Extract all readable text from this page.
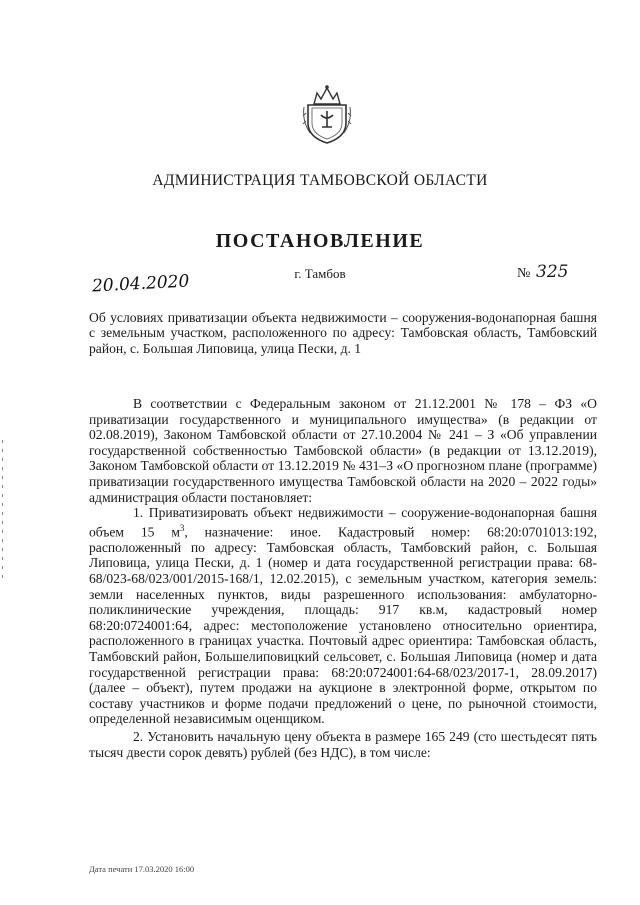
АДМИНИСТРАЦИЯ ТАМБОВСКОЙ ОБЛАСТИ
ПОСТАНОВЛЕНИЕ
20.04.2020	г. Тамбов	№ 325
Об условиях приватизации объекта недвижимости – сооружения-водонапорная башня с земельным участком, расположенного по адресу: Тамбовская область, Тамбовский район, с. Большая Липовица, улица Пески, д. 1

В соответствии с Федеральным законом от 21.12.2001 № 178 – ФЗ «О приватизации государственного и муниципального имущества» (в редакции от 02.08.2019), Законом Тамбовской области от 27.10.2004 № 241 – З «Об управлении государственной собственностью Тамбовской области» (в редакции от 13.12.2019), Законом Тамбовской области от 13.12.2019 № 431–З «О прогнозном плане (программе) приватизации государственного имущества Тамбовской области на 2020 – 2022 годы» администрация области постановляет:

1. Приватизировать объект недвижимости – сооружение-водонапорная башня объем 15 $м^3$, назначение: иное. Кадастровый номер: 68:20:0701013:192, расположенный по адресу: Тамбовская область, Тамбовский район, с. Большая Липовица, улица Пески, д. 1 (номер и дата государственной регистрации права: 68-68/023-68/023/001/2015-168/1, 12.02.2015), с земельным участком, категория земель: земли населенных пунктов, виды разрешенного использования: амбулаторно-поликлинические учреждения, площадь: 917 кв.м, кадастровый номер 68:20:0724001:64, адрес: местоположение установлено относительно ориентира, расположенного в границах участка. Почтовый адрес ориентира: Тамбовская область, Тамбовский район, Большелиповицкий сельсовет, с. Большая Липовица (номер и дата государственной регистрации права: 68:20:0724001:64-68/023/2017-1, 28.09.2017) (далее – объект), путем продажи на аукционе в электронной форме, открытом по составу участников и форме подачи предложений о цене, по рыночной стоимости, определенной независимым оценщиком.

2. Установить начальную цену объекта в размере 165 249 (сто шестьдесят пять тысяч двести сорок девять) рублей (без НДС), в том числе:

Дата печати 17.03.2020 16:00
